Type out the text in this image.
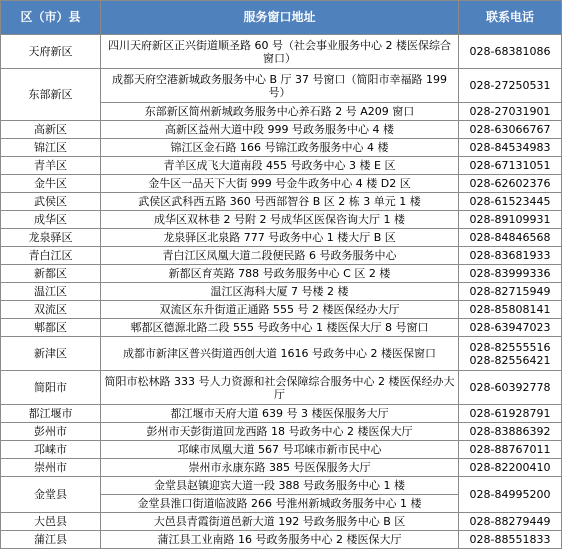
区（市）县	服务窗口地址	联系电话
天府新区	四川天府新区正兴街道顺圣路 60 号（社会事业服务中心 2 楼医保综合窗口）	028-68381086
东部新区	成都天府空港新城政务服务中心 B 厅 37 号窗口（简阳市幸福路 199 号）	028-27250531
	东部新区简州新城政务服务中心养石路 2 号 A209 窗口	028-27031901
高新区	高新区益州大道中段 999 号政务服务中心 4 楼	028-63066767
锦江区	锦江区金石路 166 号锦江政务服务中心 4 楼	028-84534983
青羊区	青羊区成飞大道南段 455 号政务中心 3 楼 E 区	028-67131051
金牛区	金牛区一品天下大街 999 号金牛政务中心 4 楼 D2 区	028-62602376
武侯区	武侯区武科西五路 360 号西部智谷 B 区 2 栋 3 单元 1 楼	028-61523445
成华区	成华区双林巷 2 号附 2 号成华区医保咨询大厅 1 楼	028-89109931
龙泉驿区	龙泉驿区北泉路 777 号政务中心 1 楼大厅 B 区	028-84846568
青白江区	青白江区凤凰大道二段便民路 6 号政务服务中心	028-83681933
新都区	新都区育英路 788 号政务服务中心 C 区 2 楼	028-83999336
温江区	温江区海科大厦 7 号楼 2 楼	028-82715949
双流区	双流区东升街道正通路 555 号 2 楼医保经办大厅	028-85808141
郫都区	郫都区德源北路二段 555 号政务中心 1 楼医保大厅 8 号窗口	028-63947023
新津区	成都市新津区普兴街道西创大道 1616 号政务中心 2 楼医保窗口	028-82555516
028-82556421

简阳市	简阳市松林路 333 号人力资源和社会保障综合服务中心 2 楼医保经办大厅	028-60392778
都江堰市	都江堰市天府大道 639 号 3 楼医保服务大厅	028-61928791
彭州市	彭州市天彭街道回龙西路 18 号政务中心 2 楼医保大厅	028-83886392
邛崃市	邛崃市凤凰大道 567 号邛崃市新市民中心	028-88767011
崇州市	崇州市永康东路 385 号医保服务大厅	028-82200410
金堂县	金堂县赵镇迎宾大道一段 388 号政务服务中心 1 楼	028-84995200
	金堂县淮口街道临波路 266 号淮州新城政务服务中心 1 楼	
大邑县	大邑县青霞街道邑新大道 192 号政务服务中心 B 区	028-88279449
蒲江县	蒲江县工业南路 16 号政务服务中心 2 楼医保大厅	028-88551833
